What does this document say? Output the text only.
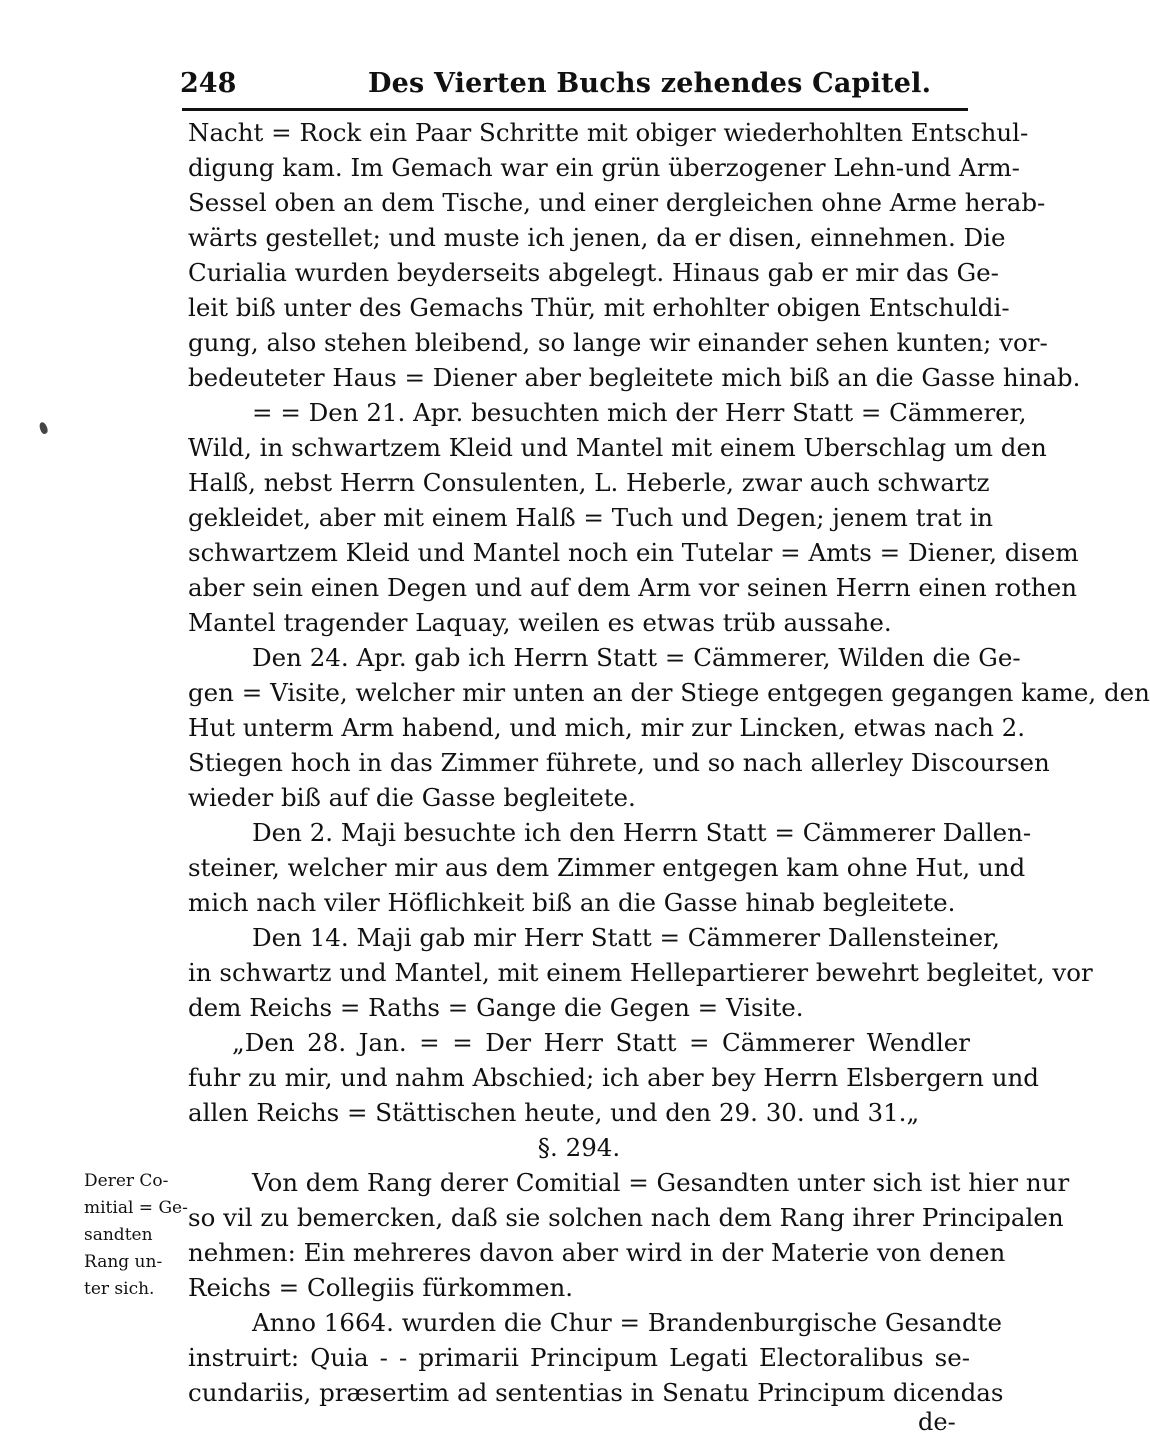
248	Des Vierten Buchs zehendes Capitel.
Nacht = Rock ein Paar Schritte mit obiger wiederhohlten Entschul-
digung kam. Im Gemach war ein grün überzogener Lehn-und Arm-
Sessel oben an dem Tische, und einer dergleichen ohne Arme herab-
wärts gestellet; und muste ich jenen, da er disen, einnehmen. Die
Curialia wurden beyderseits abgelegt. Hinaus gab er mir das Ge-
leit biß unter des Gemachs Thür, mit erhohlter obigen Entschuldi-
gung, also stehen bleibend, so lange wir einander sehen kunten; vor-
bedeuteter Haus = Diener aber begleitete mich biß an die Gasse hinab.
= = Den 21. Apr. besuchten mich der Herr Statt = Cämmerer,
Wild, in schwartzem Kleid und Mantel mit einem Uberschlag um den
Halß, nebst Herrn Consulenten, L. Heberle, zwar auch schwartz
gekleidet, aber mit einem Halß = Tuch und Degen; jenem trat in
schwartzem Kleid und Mantel noch ein Tutelar = Amts = Diener, disem
aber sein einen Degen und auf dem Arm vor seinen Herrn einen rothen
Mantel tragender Laquay, weilen es etwas trüb aussahe.
Den 24. Apr. gab ich Herrn Statt = Cämmerer, Wilden die Ge-
gen = Visite, welcher mir unten an der Stiege entgegen gegangen kame, den
Hut unterm Arm habend, und mich, mir zur Lincken, etwas nach 2.
Stiegen hoch in das Zimmer führete, und so nach allerley Discoursen
wieder biß auf die Gasse begleitete.
Den 2. Maji besuchte ich den Herrn Statt = Cämmerer Dallen-
steiner, welcher mir aus dem Zimmer entgegen kam ohne Hut, und
mich nach viler Höflichkeit biß an die Gasse hinab begleitete.
Den 14. Maji gab mir Herr Statt = Cämmerer Dallensteiner,
in schwartz und Mantel, mit einem Hellepartierer bewehrt begleitet, vor
dem Reichs = Raths = Gange die Gegen = Visite.
„Den 28. Jan. = = Der Herr Statt = Cämmerer Wendler
fuhr zu mir, und nahm Abschied; ich aber bey Herrn Elsbergern und
allen Reichs = Stättischen heute, und den 29. 30. und 31.„
§. 294.
Von dem Rang derer Comitial = Gesandten unter sich ist hier nur
so vil zu bemercken, daß sie solchen nach dem Rang ihrer Principalen
nehmen: Ein mehreres davon aber wird in der Materie von denen
Reichs = Collegiis fürkommen.
Anno 1664. wurden die Chur = Brandenburgische Gesandte
instruirt: Quia - - primarii Principum Legati Electoralibus se-
cundariis, præsertim ad sententias in Senatu Principum dicendas
Derer Co-
mitial = Ge-
sandten
Rang un-
ter sich.
de-
